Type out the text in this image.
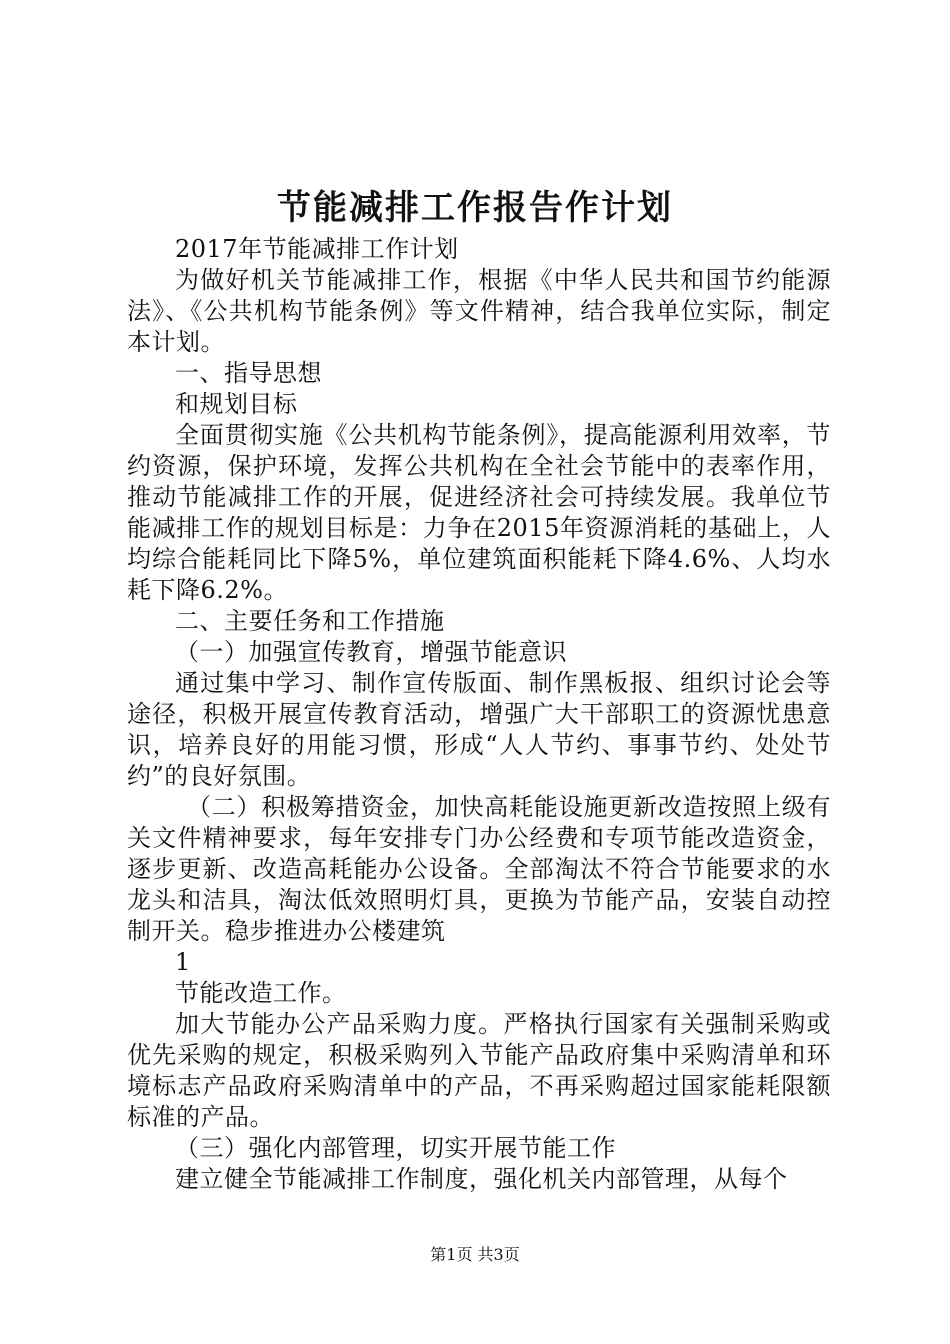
节能减排工作报告作计划

2017年节能减排工作计划

为做好机关节能减排工作，根据《中华人民共和国节约能源法》、《公共机构节能条例》等文件精神，结合我单位实际，制定本计划。

一、指导思想

和规划目标

全面贯彻实施《公共机构节能条例》，提高能源利用效率，节约资源，保护环境，发挥公共机构在全社会节能中的表率作用，推动节能减排工作的开展，促进经济社会可持续发展。我单位节能减排工作的规划目标是：力争在2015年资源消耗的基础上，人均综合能耗同比下降5%，单位建筑面积能耗下降4.6%、人均水耗下降6.2%。

二、主要任务和工作措施

（一）加强宣传教育，增强节能意识

通过集中学习、制作宣传版面、制作黑板报、组织讨论会等途径，积极开展宣传教育活动，增强广大干部职工的资源忧患意识，培养良好的用能习惯，形成“人人节约、事事节约、处处节约”的良好氛围。

（二）积极筹措资金，加快高耗能设施更新改造按照上级有关文件精神要求，每年安排专门办公经费和专项节能改造资金，逐步更新、改造高耗能办公设备。全部淘汰不符合节能要求的水龙头和洁具，淘汰低效照明灯具，更换为节能产品，安装自动控制开关。稳步推进办公楼建筑

1

节能改造工作。

加大节能办公产品采购力度。严格执行国家有关强制采购或优先采购的规定，积极采购列入节能产品政府集中采购清单和环境标志产品政府采购清单中的产品，不再采购超过国家能耗限额标准的产品。

（三）强化内部管理，切实开展节能工作

建立健全节能减排工作制度，强化机关内部管理，从每个

第1页 共3页
